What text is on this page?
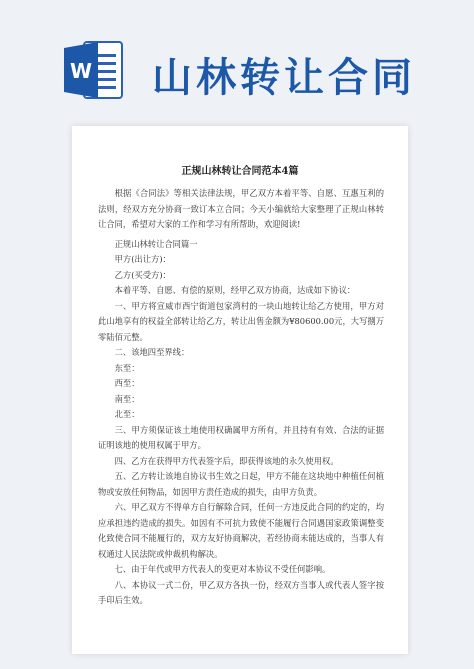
W 山林转让合同
正规山林转让合同范本4篇

根据《合同法》等相关法律法规，甲乙双方本着平等、自愿、互惠互利的法则，经双方充分协商一致订本立合同；今天小编就给大家整理了正规山林转让合同，希望对大家的工作和学习有所帮助，欢迎阅读!

正规山林转让合同篇一

甲方(出让方)：

乙方(买受方)：

本着平等、自愿、有偿的原则，经甲乙双方协商，达成如下协议：

一、甲方将宣威市西宁街道包家湾村的一块山地转让给乙方使用，甲方对此山地享有的权益全部转让给乙方，转让出售金额为¥80600.00元，大写捌万零陆佰元整。

二、该地四至界线：

东至：

西至：

南至：

北至：

三、甲方须保证该土地使用权确属甲方所有，并且持有有效、合法的证据证明该地的使用权属于甲方。

四、乙方在获得甲方代表签字后，即获得该地的永久使用权。

五、乙方转让该地自协议书生效之日起，甲方不能在这块地中种植任何植物或安放任何物品，如因甲方责任造成的损失，由甲方负责。

六、甲乙双方不得单方自行解除合同，任何一方违反此合同的约定的，均应承担违约造成的损失。如因有不可抗力致使不能履行合同遇国家政策调整变化致使合同不能履行的，双方友好协商解决，若经协商未能达成的，当事人有权通过人民法院或仲裁机构解决。

七、由于年代或甲方代表人的变更对本协议不受任何影响。

八、本协议一式二份，甲乙双方各执一份，经双方当事人或代表人签字按手印后生效。
